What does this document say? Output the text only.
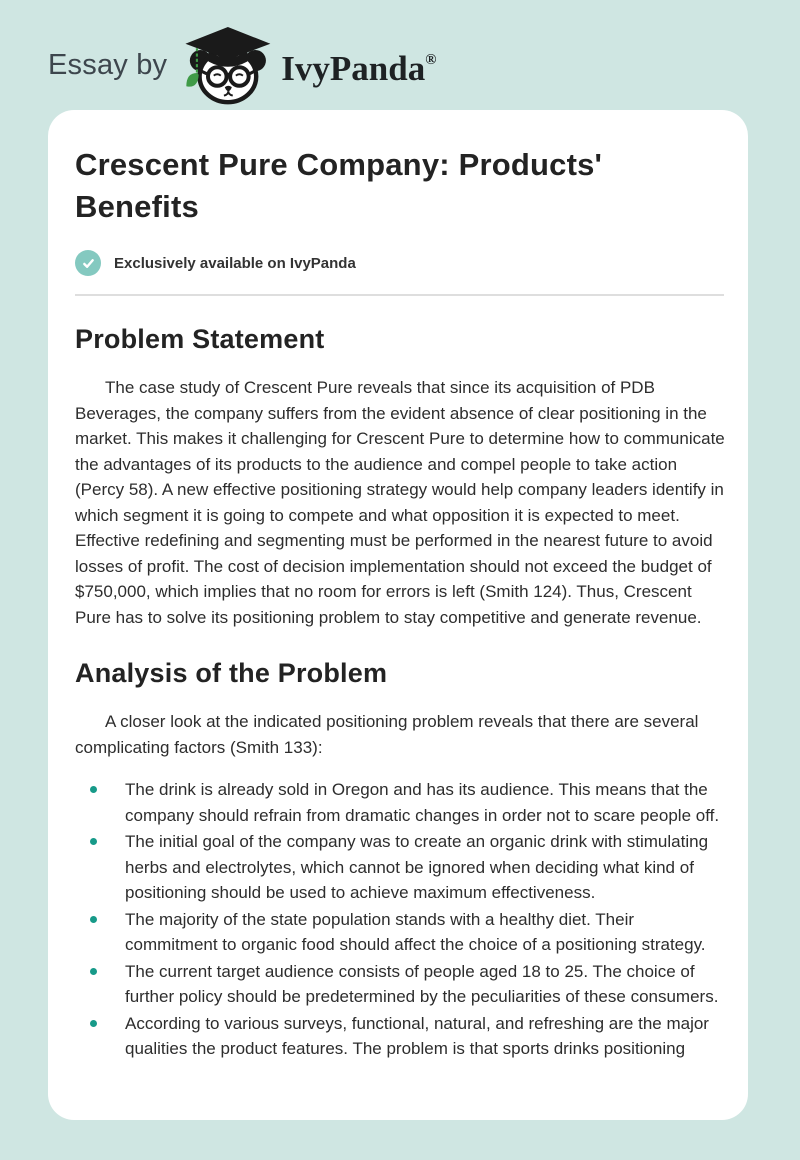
Essay by	IvyPanda®
Crescent Pure Company: Products' Benefits
Exclusively available on IvyPanda
Problem Statement

The case study of Crescent Pure reveals that since its acquisition of PDB Beverages, the company suffers from the evident absence of clear positioning in the market. This makes it challenging for Crescent Pure to determine how to communicate the advantages of its products to the audience and compel people to take action (Percy 58). A new effective positioning strategy would help company leaders identify in which segment it is going to compete and what opposition it is expected to meet. Effective redefining and segmenting must be performed in the nearest future to avoid losses of profit. The cost of decision implementation should not exceed the budget of $750,000, which implies that no room for errors is left (Smith 124). Thus, Crescent Pure has to solve its positioning problem to stay competitive and generate revenue.

Analysis of the Problem

A closer look at the indicated positioning problem reveals that there are several complicating factors (Smith 133):

The drink is already sold in Oregon and has its audience. This means that the company should refrain from dramatic changes in order not to scare people off.
The initial goal of the company was to create an organic drink with stimulating herbs and electrolytes, which cannot be ignored when deciding what kind of positioning should be used to achieve maximum effectiveness.
The majority of the state population stands with a healthy diet. Their commitment to organic food should affect the choice of a positioning strategy.
The current target audience consists of people aged 18 to 25. The choice of further policy should be predetermined by the peculiarities of these consumers.
According to various surveys, functional, natural, and refreshing are the major qualities the product features. The problem is that sports drinks positioning
